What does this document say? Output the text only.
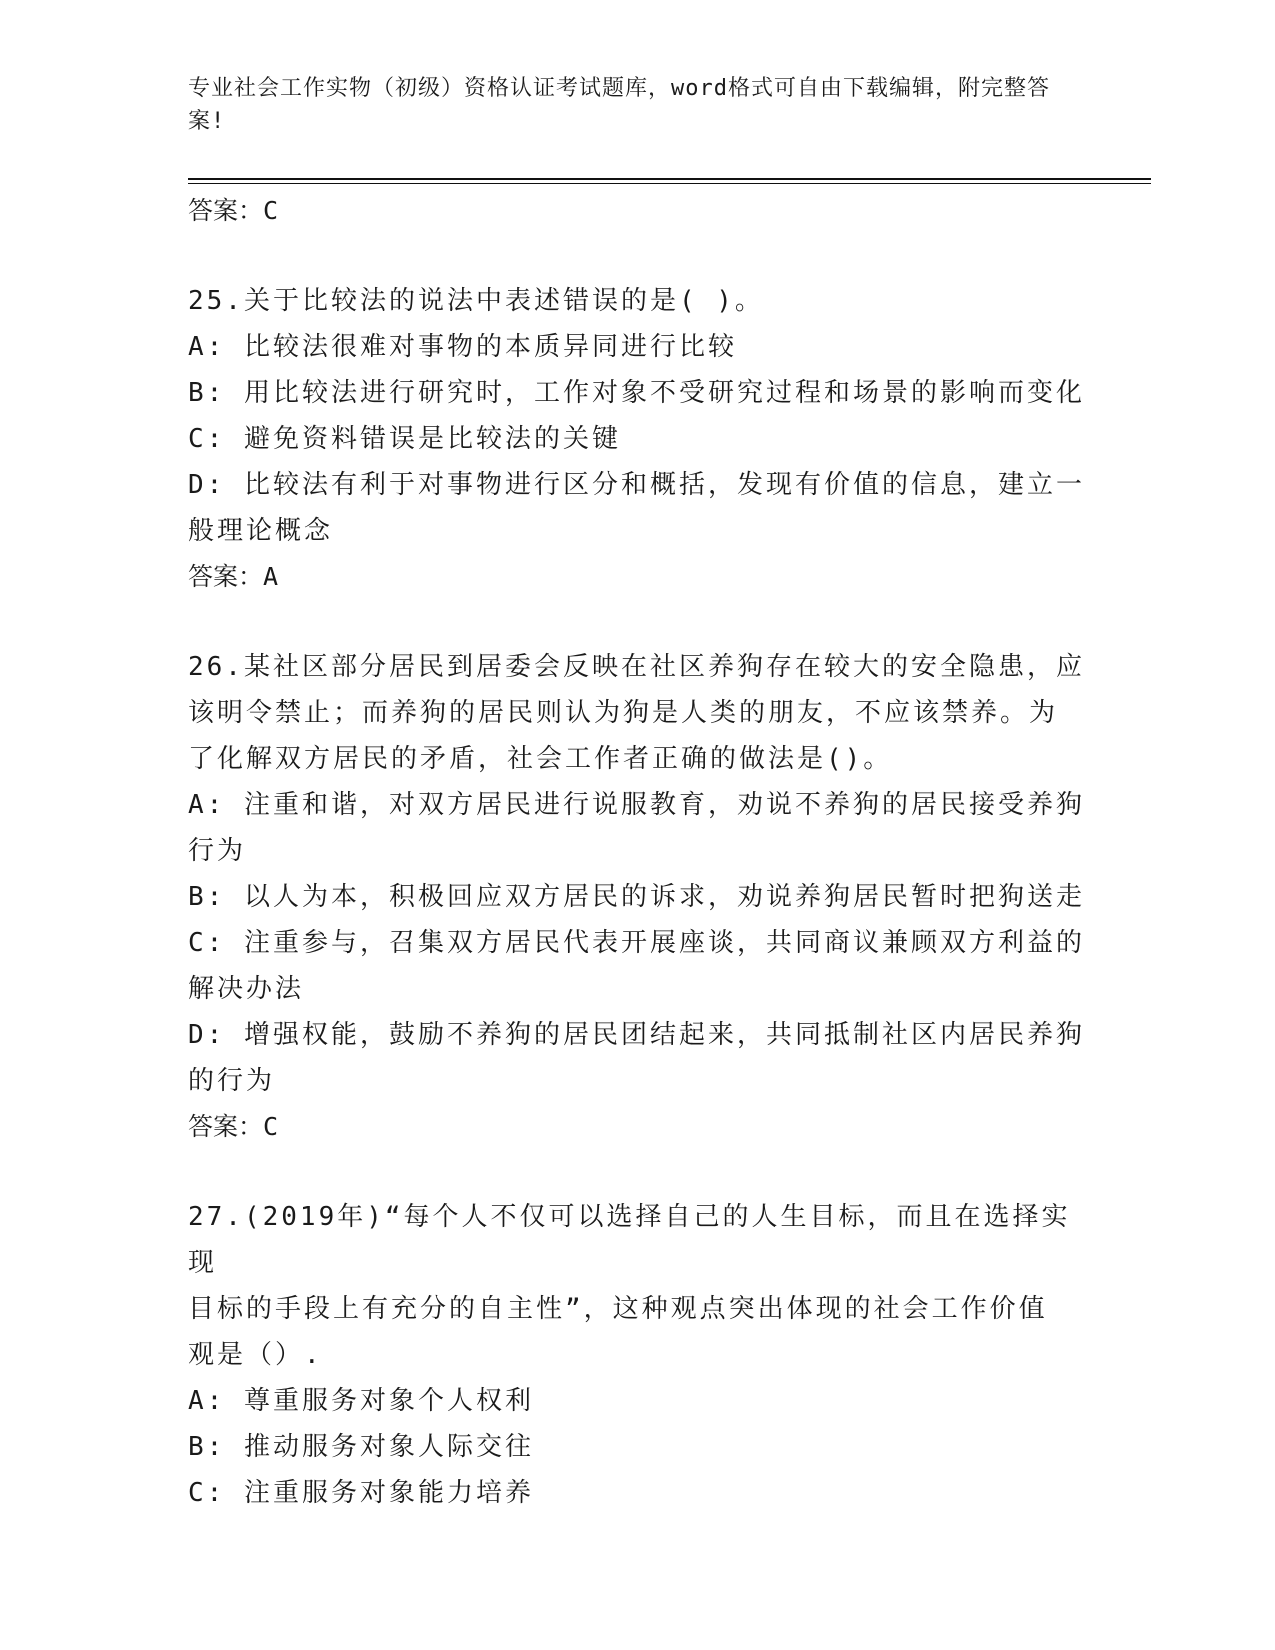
专业社会工作实物（初级）资格认证考试题库，word格式可自由下载编辑，附完整答案!

答案：C

25.关于比较法的说法中表述错误的是( )。

A: 比较法很难对事物的本质异同进行比较

B: 用比较法进行研究时，工作对象不受研究过程和场景的影响而变化

C: 避免资料错误是比较法的关键

D: 比较法有利于对事物进行区分和概括，发现有价值的信息，建立一

般理论概念

答案：A

26.某社区部分居民到居委会反映在社区养狗存在较大的安全隐患，应

该明令禁止；而养狗的居民则认为狗是人类的朋友，不应该禁养。为

了化解双方居民的矛盾，社会工作者正确的做法是()。

A: 注重和谐，对双方居民进行说服教育，劝说不养狗的居民接受养狗

行为

B: 以人为本，积极回应双方居民的诉求，劝说养狗居民暂时把狗送走

C: 注重参与，召集双方居民代表开展座谈，共同商议兼顾双方利益的

解决办法

D: 增强权能，鼓励不养狗的居民团结起来，共同抵制社区内居民养狗

的行为

答案：C

27.(2019年)“每个人不仅可以选择自己的人生目标，而且在选择实现

目标的手段上有充分的自主性”，这种观点突出体现的社会工作价值

观是（）.

A: 尊重服务对象个人权利

B: 推动服务对象人际交往

C: 注重服务对象能力培养
